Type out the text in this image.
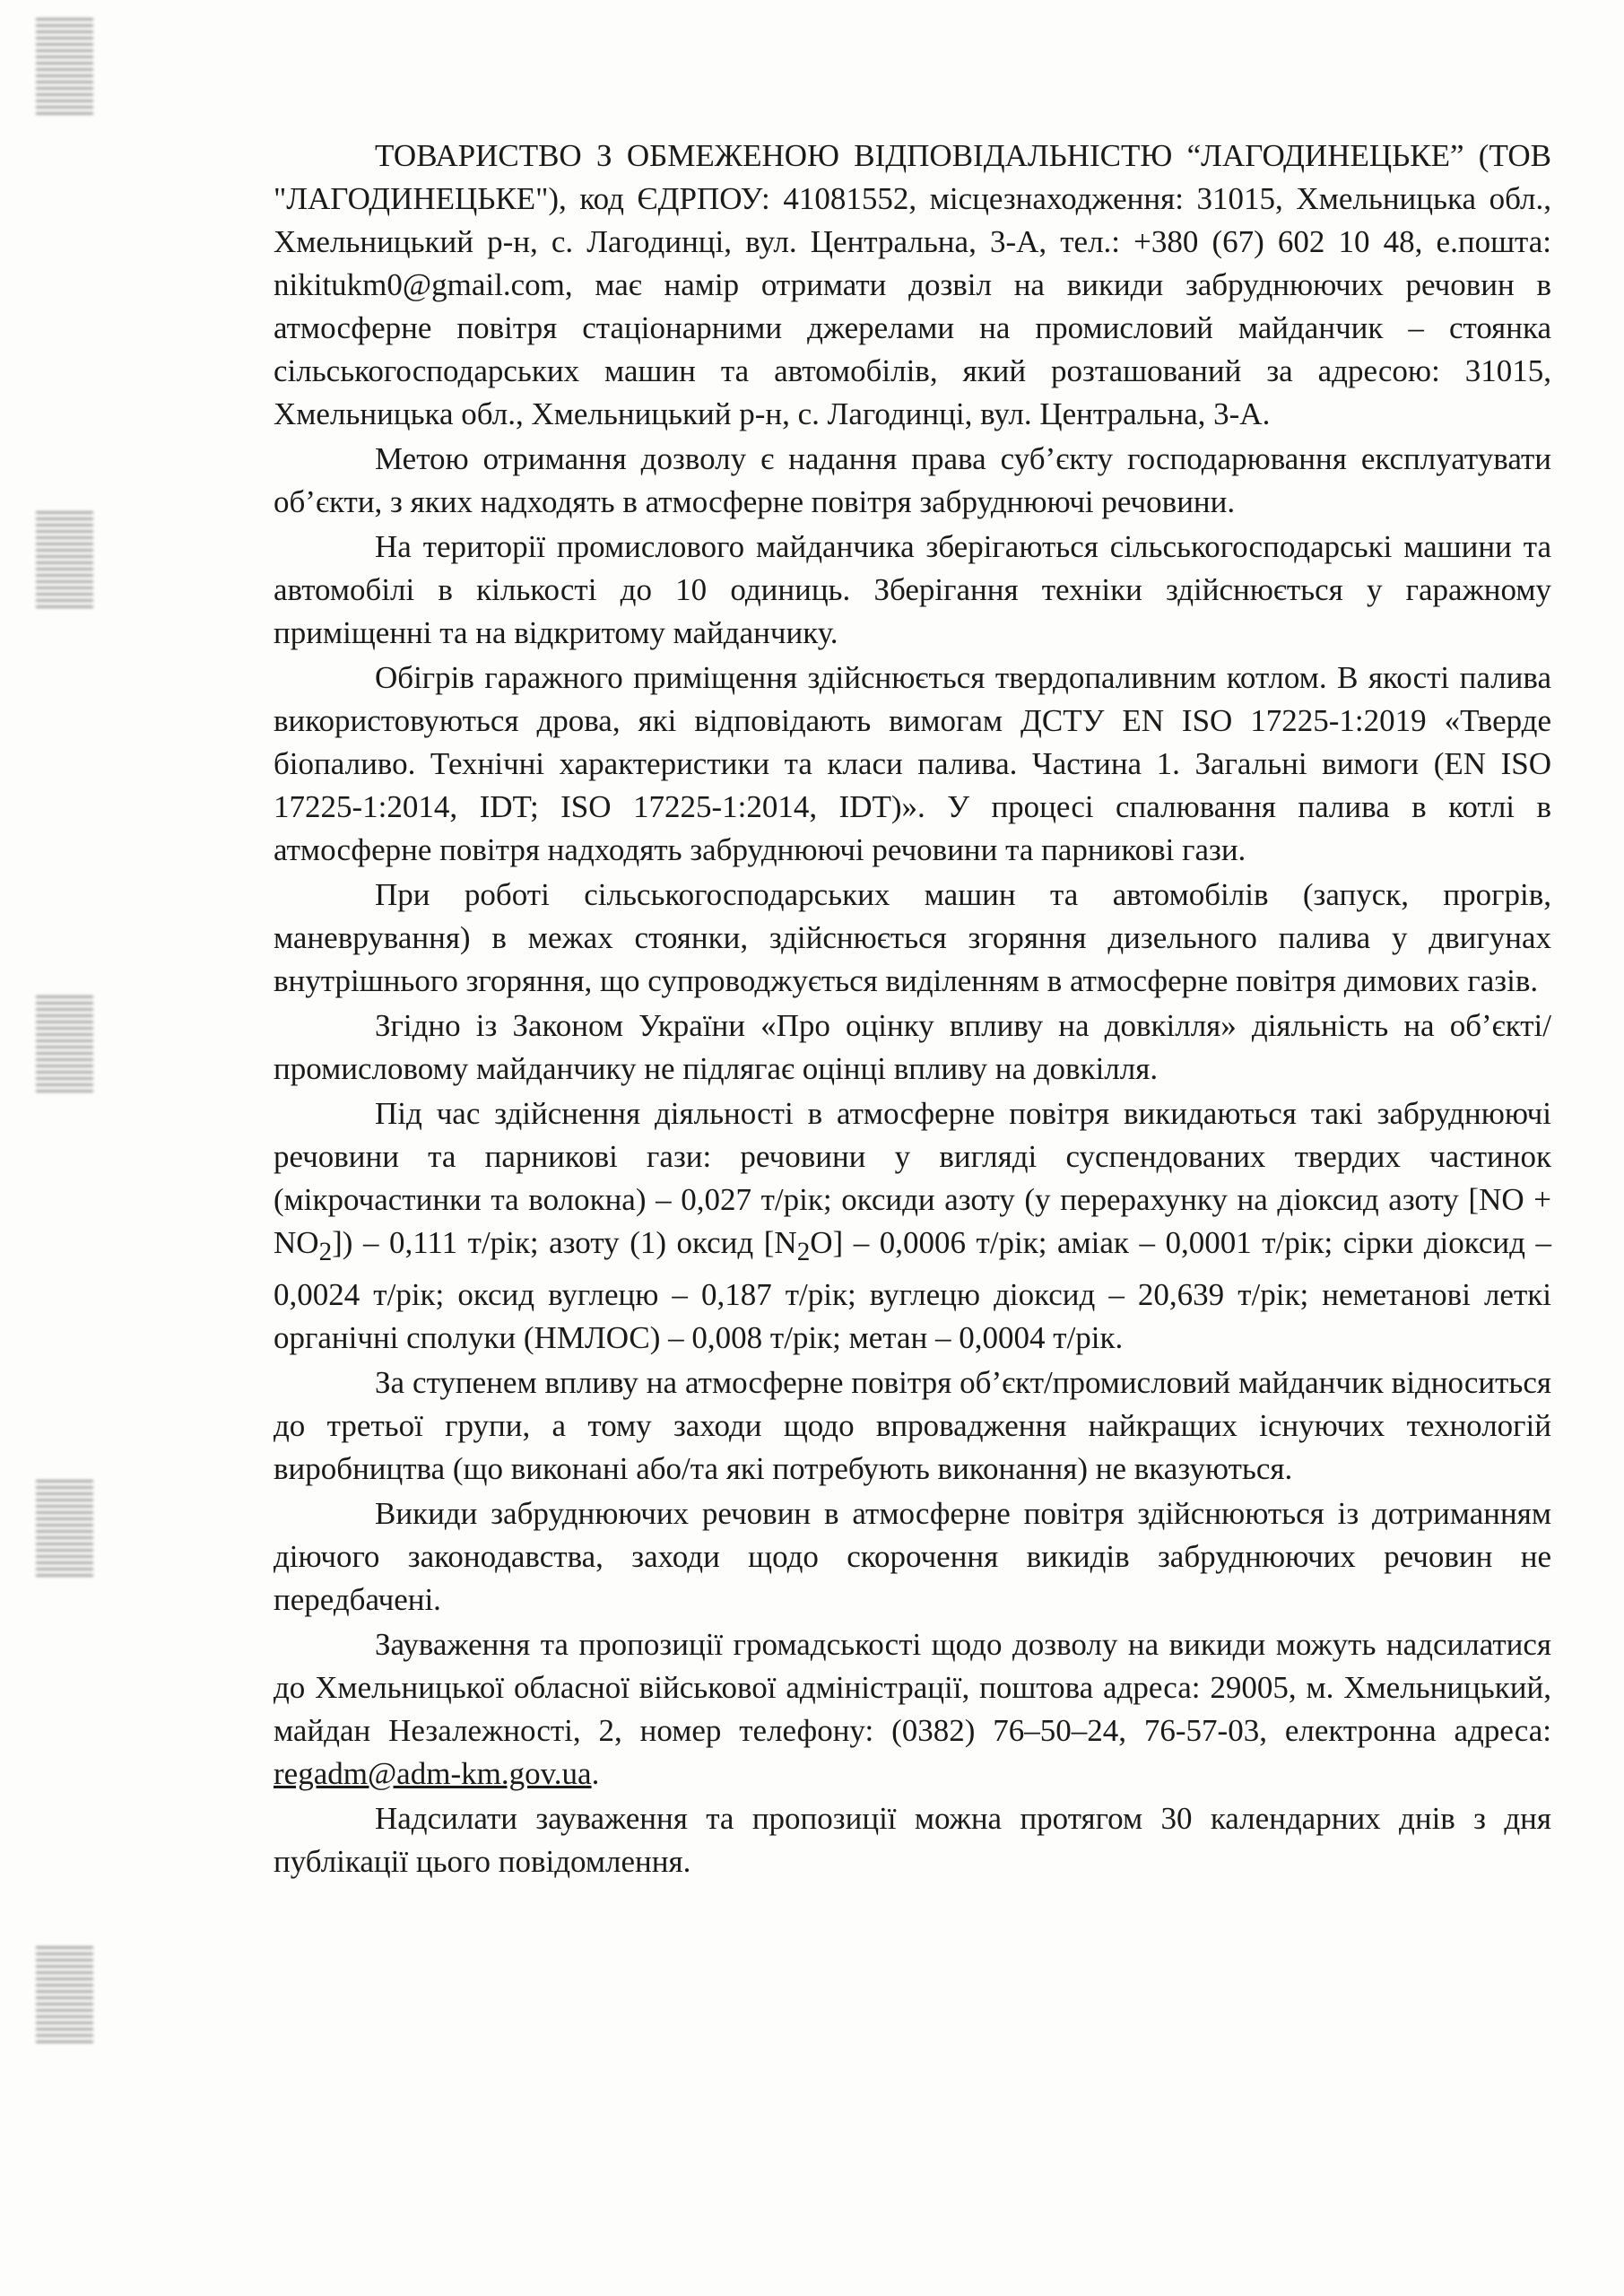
ТОВАРИСТВО З ОБМЕЖЕНОЮ ВІДПОВІДАЛЬНІСТЮ “ЛАГОДИНЕЦЬКЕ” (ТОВ "ЛАГОДИНЕЦЬКЕ"), код ЄДРПОУ: 41081552, місцезнаходження: 31015, Хмельницька обл., Хмельницький р-н, с. Лагодинці, вул. Центральна, 3-А, тел.: +380 (67) 602 10 48, е.пошта: nikitukm0@gmail.com, має намір отримати дозвіл на викиди забруднюючих речовин в атмосферне повітря стаціонарними джерелами на промисловий майданчик – стоянка сільськогосподарських машин та автомобілів, який розташований за адресою: 31015, Хмельницька обл., Хмельницький р-н, с. Лагодинці, вул. Центральна, 3-А.

Метою отримання дозволу є надання права суб’єкту господарювання експлуатувати об’єкти, з яких надходять в атмосферне повітря забруднюючі речовини.

На території промислового майданчика зберігаються сільськогосподарські машини та автомобілі в кількості до 10 одиниць. Зберігання техніки здійснюється у гаражному приміщенні та на відкритому майданчику.

Обігрів гаражного приміщення здійснюється твердопаливним котлом. В якості палива використовуються дрова, які відповідають вимогам ДСТУ EN ISO 17225-1:2019 «Тверде біопаливо. Технічні характеристики та класи палива. Частина 1. Загальні вимоги (EN ISO 17225-1:2014, IDT; ISO 17225-1:2014, IDT)». У процесі спалювання палива в котлі в атмосферне повітря надходять забруднюючі речовини та парникові гази.

При роботі сільськогосподарських машин та автомобілів (запуск, прогрів, маневрування) в межах стоянки, здійснюється згоряння дизельного палива у двигунах внутрішнього згоряння, що супроводжується виділенням в атмосферне повітря димових газів.

Згідно із Законом України «Про оцінку впливу на довкілля» діяльність на об’єкті/промисловому майданчику не підлягає оцінці впливу на довкілля.

Під час здійснення діяльності в атмосферне повітря викидаються такі забруднюючі речовини та парникові гази: речовини у вигляді суспендованих твердих частинок (мікрочастинки та волокна) – 0,027 т/рік; оксиди азоту (у перерахунку на діоксид азоту $[NO + NO_2]) - 0,111$ т/рік; азоту (1) оксид $[N_2O] - 0,0006$ т/рік; аміак – 0,0001 т/рік; сірки діоксид – 0,0024 т/рік; оксид вуглецю – 0,187 т/рік; вуглецю діоксид – 20,639 т/рік; неметанові леткі органічні сполуки (НМЛОС) – 0,008 т/рік; метан – 0,0004 т/рік.

За ступенем впливу на атмосферне повітря об’єкт/промисловий майданчик відноситься до третьої групи, а тому заходи щодо впровадження найкращих існуючих технологій виробництва (що виконані або/та які потребують виконання) не вказуються.

Викиди забруднюючих речовин в атмосферне повітря здійснюються із дотриманням діючого законодавства, заходи щодо скорочення викидів забруднюючих речовин не передбачені.

Зауваження та пропозиції громадськості щодо дозволу на викиди можуть надсилатися до Хмельницької обласної військової адміністрації, поштова адреса: 29005, м. Хмельницький, майдан Незалежності, 2, номер телефону: (0382) 76–50–24, 76-57-03, електронна адреса: regadm@adm-km.gov.ua.

Надсилати зауваження та пропозиції можна протягом 30 календарних днів з дня публікації цього повідомлення.
